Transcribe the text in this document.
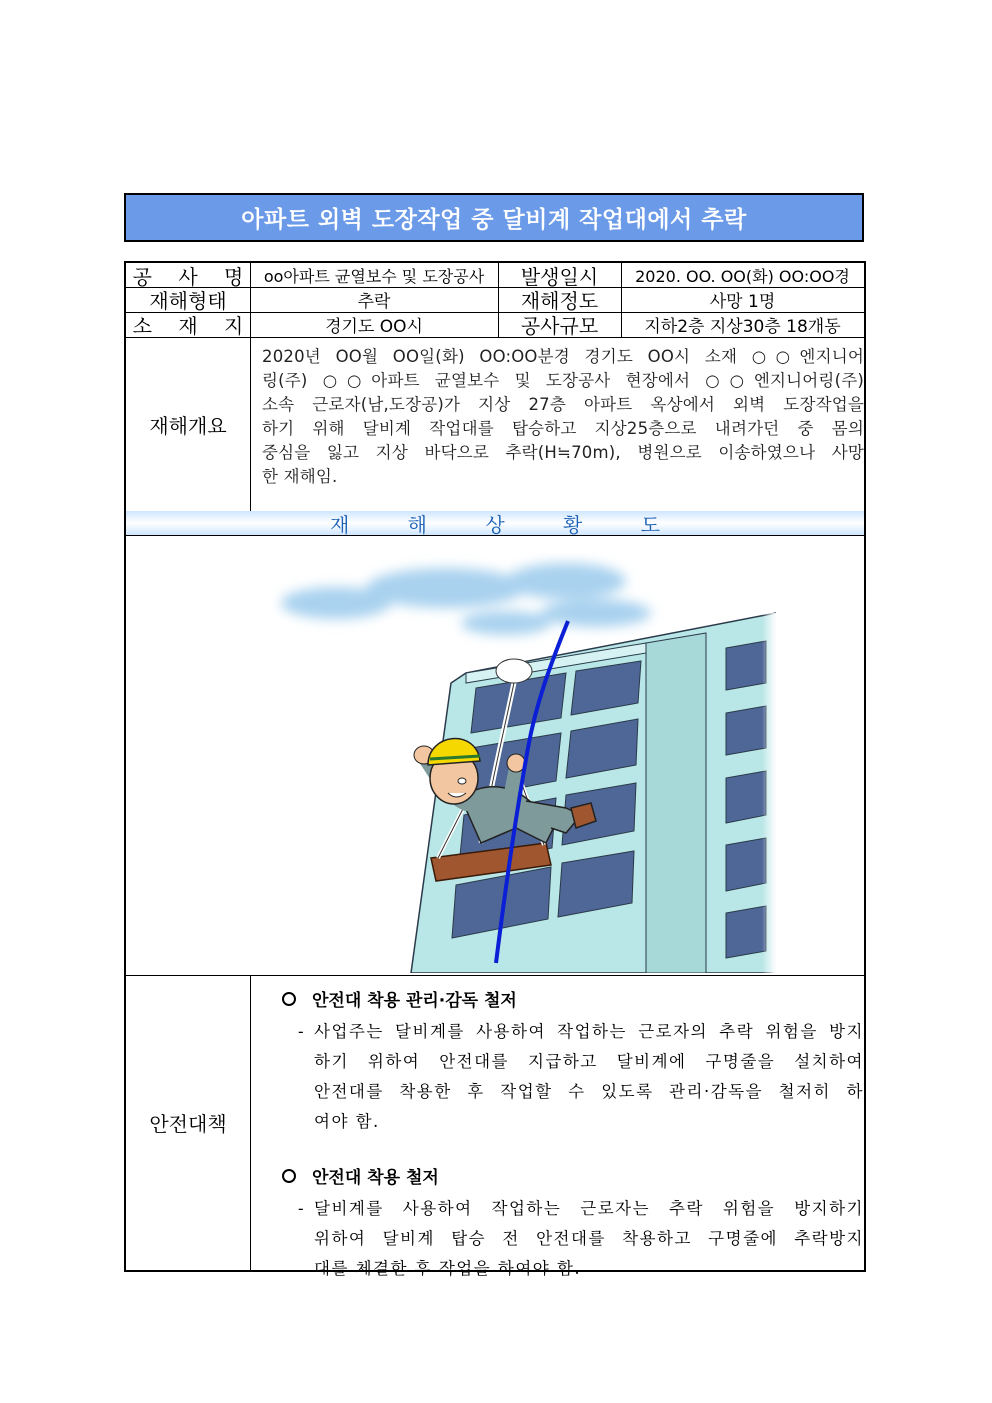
아파트 외벽 도장작업 중 달비계 작업대에서 추락
공 사 명 oo아파트 균열보수 및 도장공사	발생일시	2020. OO. OO(화) OO:OO경
재해형태	추락	재해정도	사망 1명
소 재 지	경기도 OO시	공사규모	지하2층 지상30층 18개동
재해개요
2020년 OO월 OO일(화) OO:OO분경 경기도 OO시 소재 ○○엔지니어
링(주) ○○아파트 균열보수 및 도장공사 현장에서 ○○엔지니어링(주)
소속 근로자(남,도장공)가 지상 27층 아파트 옥상에서 외벽 도장작업을
하기 위해 달비계 작업대를 탑승하고 지상25층으로 내려가던 중 몸의
중심을 잃고 지상 바닥으로 추락(H≒70m), 병원으로 이송하였으나 사망
한 재해임.
재 해 상 황 도
안전대책
안전대 착용 관리·감독 철저
- 사업주는 달비계를 사용하여 작업하는 근로자의 추락 위험을 방지
하기 위하여 안전대를 지급하고 달비계에 구명줄을 설치하여
안전대를 착용한 후 작업할 수 있도록 관리·감독을 철저히 하
여야 함.
안전대 착용 철저
- 달비계를 사용하여 작업하는 근로자는 추락 위험을 방지하기
위하여 달비계 탑승 전 안전대를 착용하고 구명줄에 추락방지
대를 체결한 후 작업을 하여야 함.
